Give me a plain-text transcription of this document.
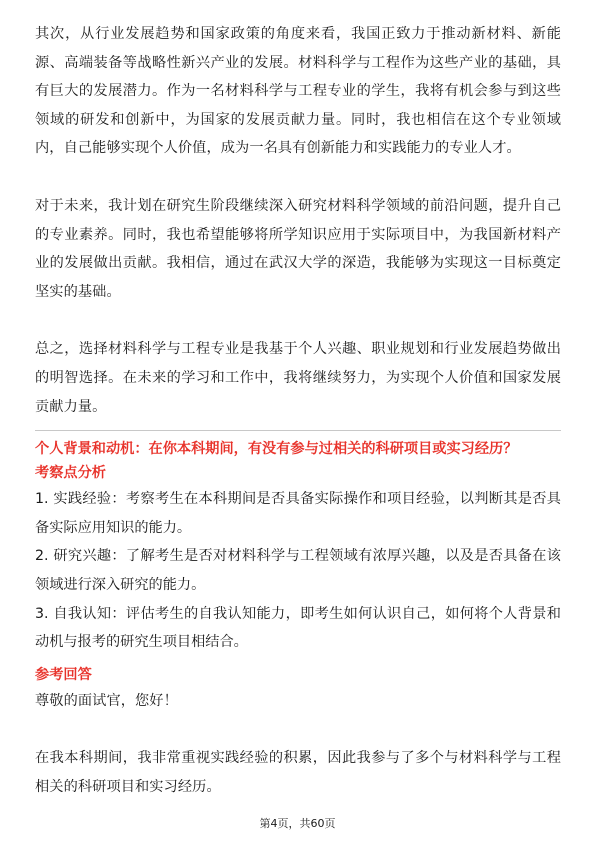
其次，从行业发展趋势和国家政策的角度来看，我国正致力于推动新材料、新能源、高端装备等战略性新兴产业的发展。材料科学与工程作为这些产业的基础，具有巨大的发展潜力。作为一名材料科学与工程专业的学生，我将有机会参与到这些领域的研发和创新中，为国家的发展贡献力量。同时，我也相信在这个专业领域内，自己能够实现个人价值，成为一名具有创新能力和实践能力的专业人才。

对于未来，我计划在研究生阶段继续深入研究材料科学领域的前沿问题，提升自己的专业素养。同时，我也希望能够将所学知识应用于实际项目中，为我国新材料产业的发展做出贡献。我相信，通过在武汉大学的深造，我能够为实现这一目标奠定坚实的基础。

总之，选择材料科学与工程专业是我基于个人兴趣、职业规划和行业发展趋势做出的明智选择。在未来的学习和工作中，我将继续努力，为实现个人价值和国家发展贡献力量。

个人背景和动机：在你本科期间，有没有参与过相关的科研项目或实习经历？

考察点分析

1. 实践经验：考察考生在本科期间是否具备实际操作和项目经验，以判断其是否具备实际应用知识的能力。

2. 研究兴趣：了解考生是否对材料科学与工程领域有浓厚兴趣，以及是否具备在该领域进行深入研究的能力。

3. 自我认知：评估考生的自我认知能力，即考生如何认识自己，如何将个人背景和动机与报考的研究生项目相结合。

参考回答

尊敬的面试官，您好！

在我本科期间，我非常重视实践经验的积累，因此我参与了多个与材料科学与工程相关的科研项目和实习经历。

第4页，共60页
